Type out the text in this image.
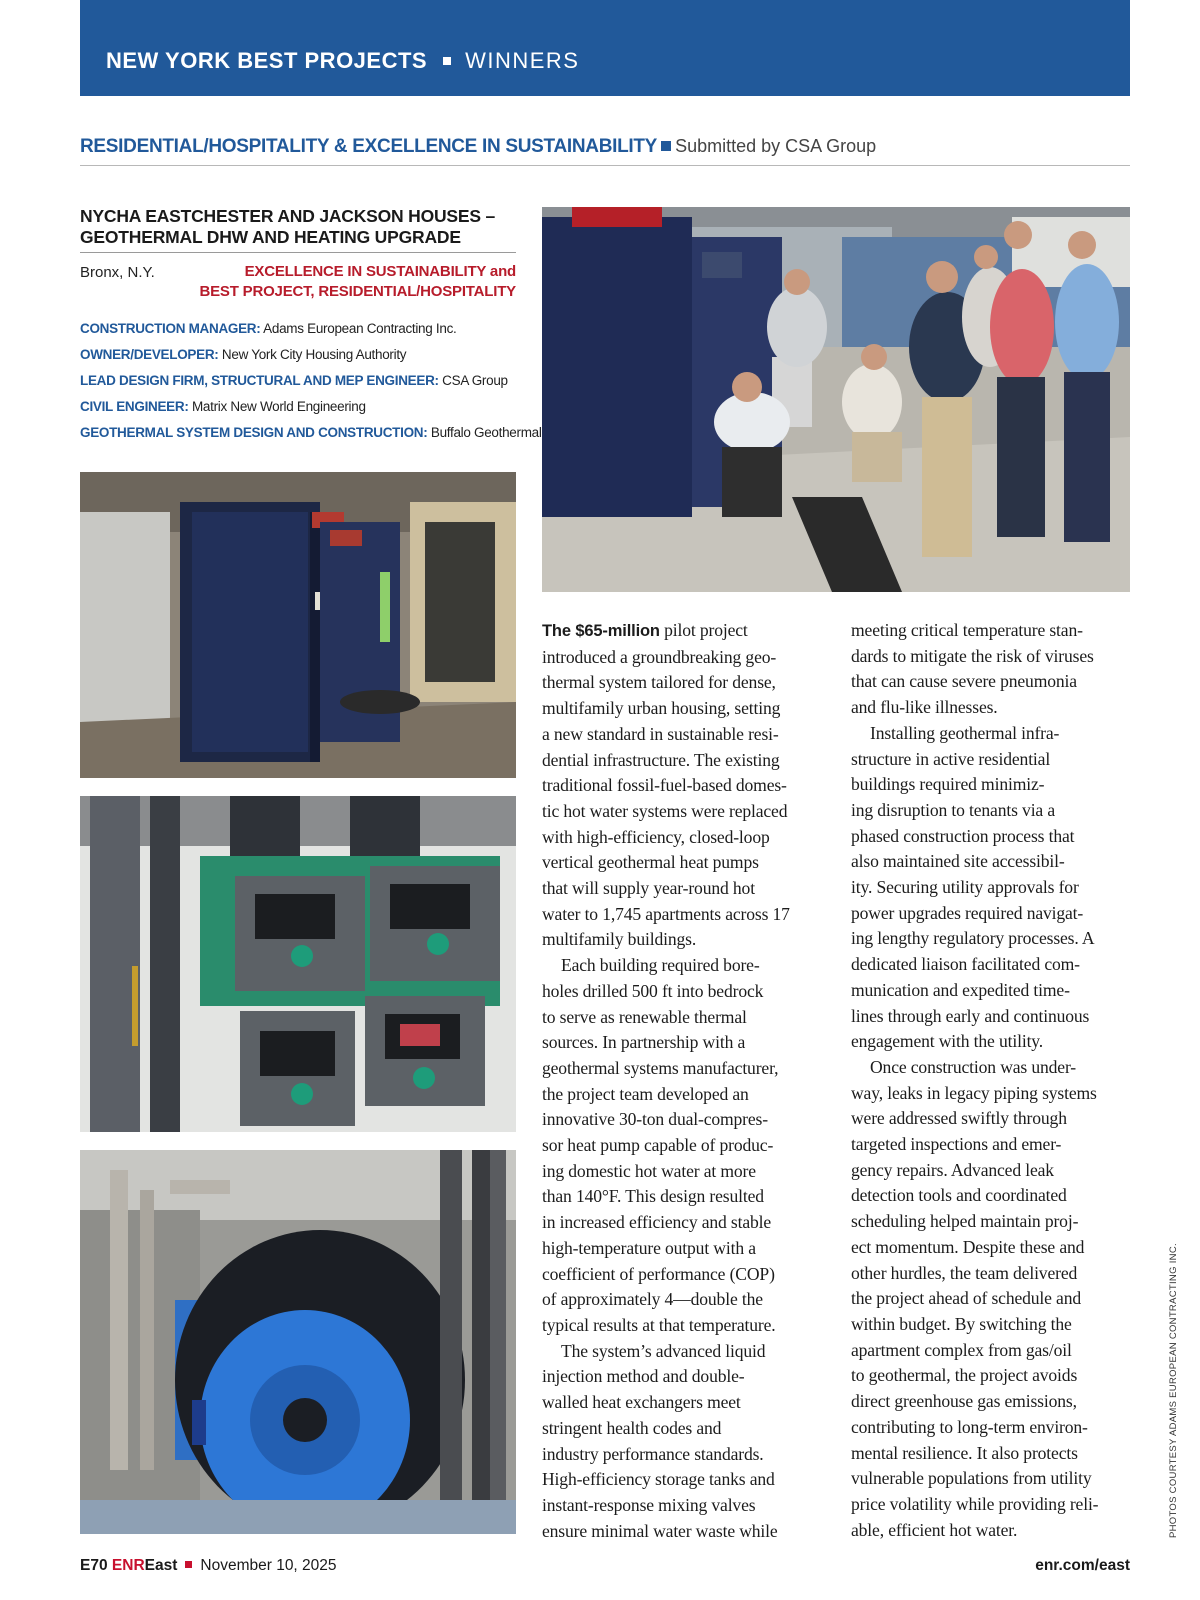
NEW YORK BEST PROJECTS WINNERS
RESIDENTIAL/HOSPITALITY & EXCELLENCE IN SUSTAINABILITY Submitted by CSA Group
NYCHA EASTCHESTER AND JACKSON HOUSES –
GEOTHERMAL DHW AND HEATING UPGRADE
Bronx, N.Y.	EXCELLENCE IN SUSTAINABILITY and
BEST PROJECT, RESIDENTIAL/HOSPITALITY
CONSTRUCTION MANAGER: Adams European Contracting Inc.
OWNER/DEVELOPER: New York City Housing Authority
LEAD DESIGN FIRM, STRUCTURAL AND MEP ENGINEER: CSA Group
CIVIL ENGINEER: Matrix New World Engineering
GEOTHERMAL SYSTEM DESIGN AND CONSTRUCTION: Buffalo Geothermal

The $65-million pilot project

introduced a groundbreaking geo-

thermal system tailored for dense,

multifamily urban housing, setting

a new standard in sustainable resi-

dential infrastructure. The existing

traditional fossil-fuel-based domes-

tic hot water systems were replaced

with high-efficiency, closed-loop

vertical geothermal heat pumps

that will supply year-round hot

water to 1,745 apartments across 17

multifamily buildings.

Each building required bore-

holes drilled 500 ft into bedrock

to serve as renewable thermal

sources. In partnership with a

geothermal systems manufacturer,

the project team developed an

innovative 30-ton dual-compres-

sor heat pump capable of produc-

ing domestic hot water at more

than 140°F. This design resulted

in increased efficiency and stable

high-temperature output with a

coefficient of performance (COP)

of approximately 4—double the

typical results at that temperature.

The system’s advanced liquid

injection method and double-

walled heat exchangers meet

stringent health codes and

industry performance standards.

High-efficiency storage tanks and

instant-response mixing valves

ensure minimal water waste while

meeting critical temperature stan-

dards to mitigate the risk of viruses

that can cause severe pneumonia

and flu-like illnesses.

Installing geothermal infra-

structure in active residential

buildings required minimiz-

ing disruption to tenants via a

phased construction process that

also maintained site accessibil-

ity. Securing utility approvals for

power upgrades required navigat-

ing lengthy regulatory processes. A

dedicated liaison facilitated com-

munication and expedited time-

lines through early and continuous

engagement with the utility.

Once construction was under-

way, leaks in legacy piping systems

were addressed swiftly through

targeted inspections and emer-

gency repairs. Advanced leak

detection tools and coordinated

scheduling helped maintain proj-

ect momentum. Despite these and

other hurdles, the team delivered

the project ahead of schedule and

within budget. By switching the

apartment complex from gas/oil

to geothermal, the project avoids

direct greenhouse gas emissions,

contributing to long-term environ-

mental resilience. It also protects

vulnerable populations from utility

price volatility while providing reli-

able, efficient hot water.	PHOTOS COURTESY ADAMS EUROPEAN CONTRACTING INC.
E70 ENREast November 10, 2025	enr.com/east
